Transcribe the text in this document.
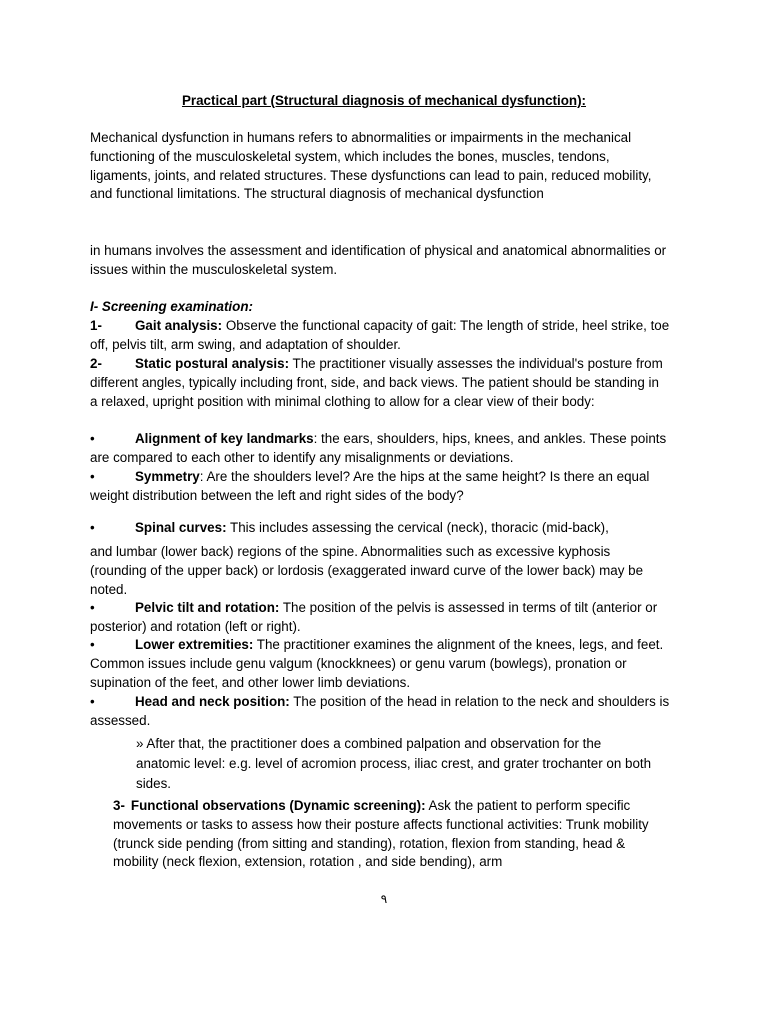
Practical part (Structural diagnosis of mechanical dysfunction):
Mechanical dysfunction in humans refers to abnormalities or impairments in the mechanical functioning of the musculoskeletal system, which includes the bones, muscles, tendons, ligaments, joints, and related structures. These dysfunctions can lead to pain, reduced mobility, and functional limitations. The structural diagnosis of mechanical dysfunction
in humans involves the assessment and identification of physical and anatomical abnormalities or issues within the musculoskeletal system.
I- Screening examination:
1- Gait analysis: Observe the functional capacity of gait: The length of stride, heel strike, toe off, pelvis tilt, arm swing, and adaptation of shoulder.
2- Static postural analysis: The practitioner visually assesses the individual's posture from different angles, typically including front, side, and back views. The patient should be standing in a relaxed, upright position with minimal clothing to allow for a clear view of their body:
•	Alignment of key landmarks: the ears, shoulders, hips, knees, and ankles. These points are compared to each other to identify any misalignments or deviations.
•	Symmetry: Are the shoulders level? Are the hips at the same height? Is there an equal weight distribution between the left and right sides of the body?
•	Spinal curves: This includes assessing the cervical (neck), thoracic (mid-back),
and lumbar (lower back) regions of the spine. Abnormalities such as excessive kyphosis (rounding of the upper back) or lordosis (exaggerated inward curve of the lower back) may be noted.
•	Pelvic tilt and rotation: The position of the pelvis is assessed in terms of tilt (anterior or posterior) and rotation (left or right).
•	Lower extremities: The practitioner examines the alignment of the knees, legs, and feet. Common issues include genu valgum (knockknees) or genu varum (bowlegs), pronation or supination of the feet, and other lower limb deviations.
•	Head and neck position: The position of the head in relation to the neck and shoulders is assessed.
» After that, the practitioner does a combined palpation and observation for the anatomic level: e.g. level of acromion process, iliac crest, and grater trochanter on both sides.
3- Functional observations (Dynamic screening): Ask the patient to perform specific movements or tasks to assess how their posture affects functional activities: Trunk mobility (trunck side pending (from sitting and standing), rotation, flexion from standing, head & mobility (neck flexion, extension, rotation , and side bending), arm
٩
